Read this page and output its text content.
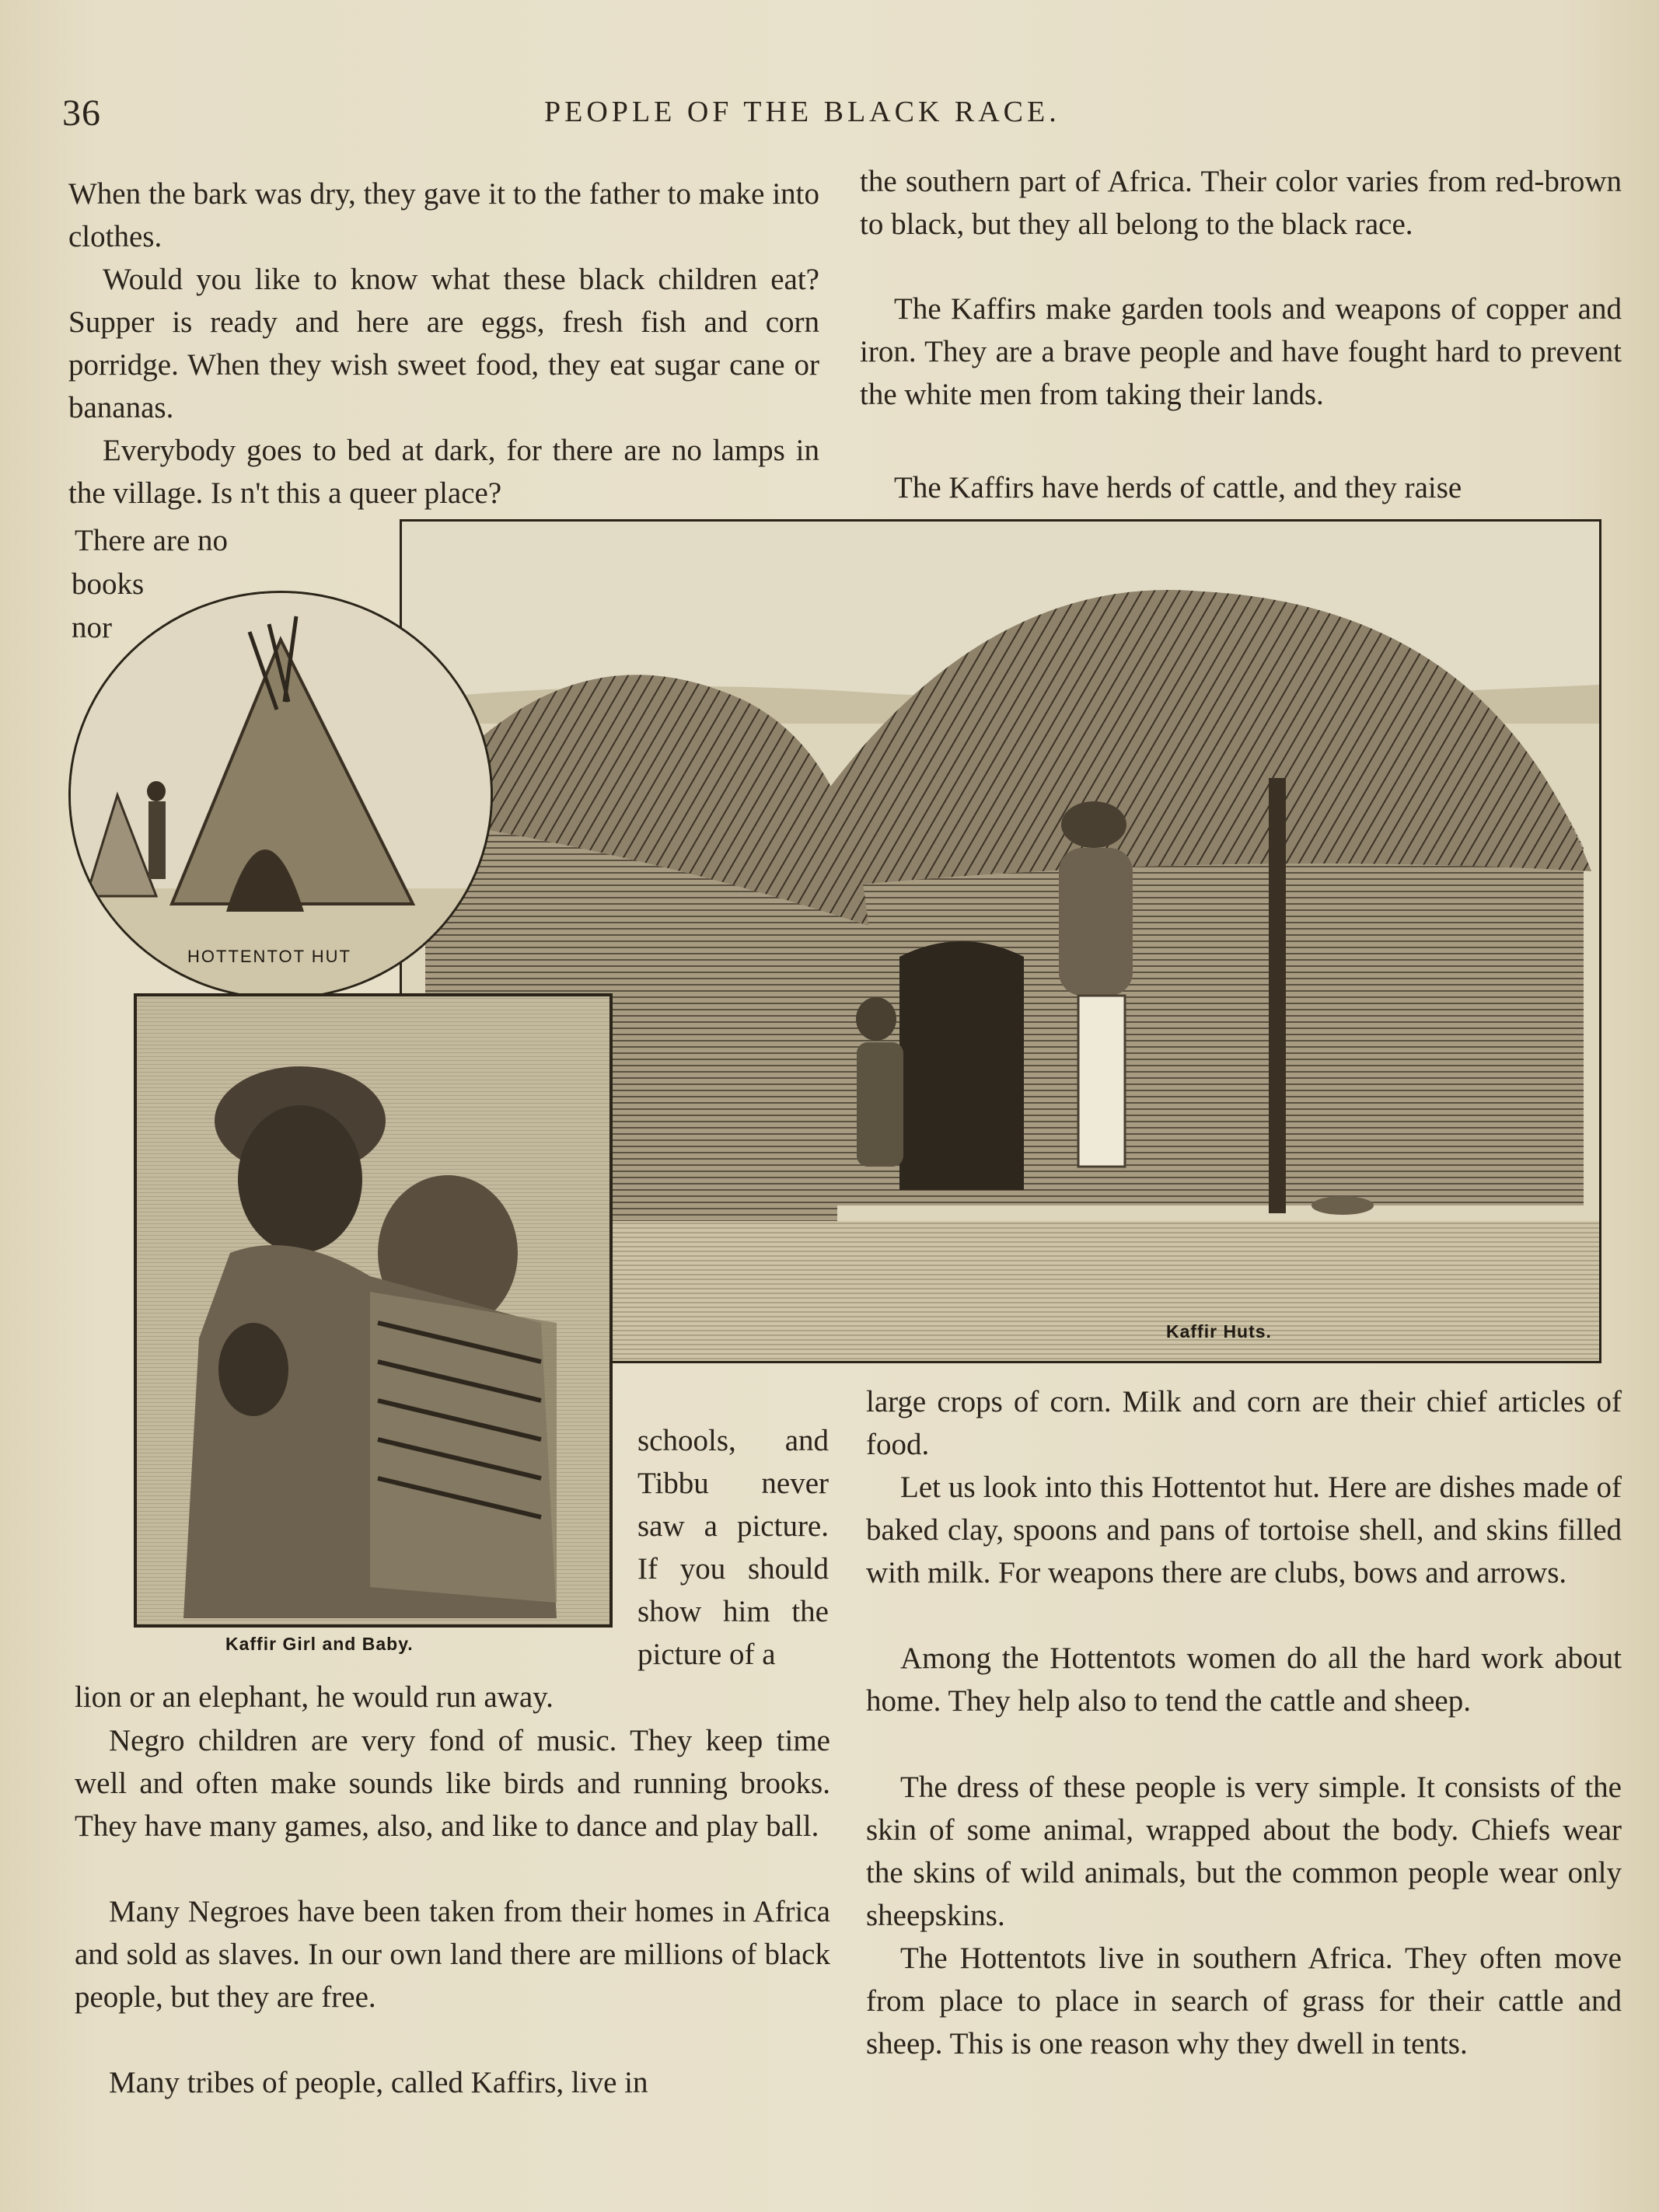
36	PEOPLE OF THE BLACK RACE.

When the bark was dry, they gave it to the father to make into clothes.

Would you like to know what these black children eat? Supper is ready and here are eggs, fresh fish and corn porridge. When they wish sweet food, they eat sugar cane or bananas.

Everybody goes to bed at dark, for there are no lamps in the village. Is n't this a queer place?

There are no

books

nor

the southern part of Africa. Their color varies from red-brown to black, but they all belong to the black race.

The Kaffirs make garden tools and weapons of copper and iron. They are a brave people and have fought hard to prevent the white men from taking their lands.

The Kaffirs have herds of cattle, and they raise

Kaffir Huts.
HOTTENTOT HUT
Kaffir Girl and Baby.

schools, and Tibbu never saw a picture. If you should show him the picture of a

lion or an elephant, he would run away.

Negro children are very fond of music. They keep time well and often make sounds like birds and running brooks. They have many games, also, and like to dance and play ball.

Many Negroes have been taken from their homes in Africa and sold as slaves. In our own land there are millions of black people, but they are free.

Many tribes of people, called Kaffirs, live in

large crops of corn. Milk and corn are their chief articles of food.

Let us look into this Hottentot hut. Here are dishes made of baked clay, spoons and pans of tortoise shell, and skins filled with milk. For weapons there are clubs, bows and arrows.

Among the Hottentots women do all the hard work about home. They help also to tend the cattle and sheep.

The dress of these people is very simple. It consists of the skin of some animal, wrapped about the body. Chiefs wear the skins of wild animals, but the common people wear only sheepskins.

The Hottentots live in southern Africa. They often move from place to place in search of grass for their cattle and sheep. This is one reason why they dwell in tents.
